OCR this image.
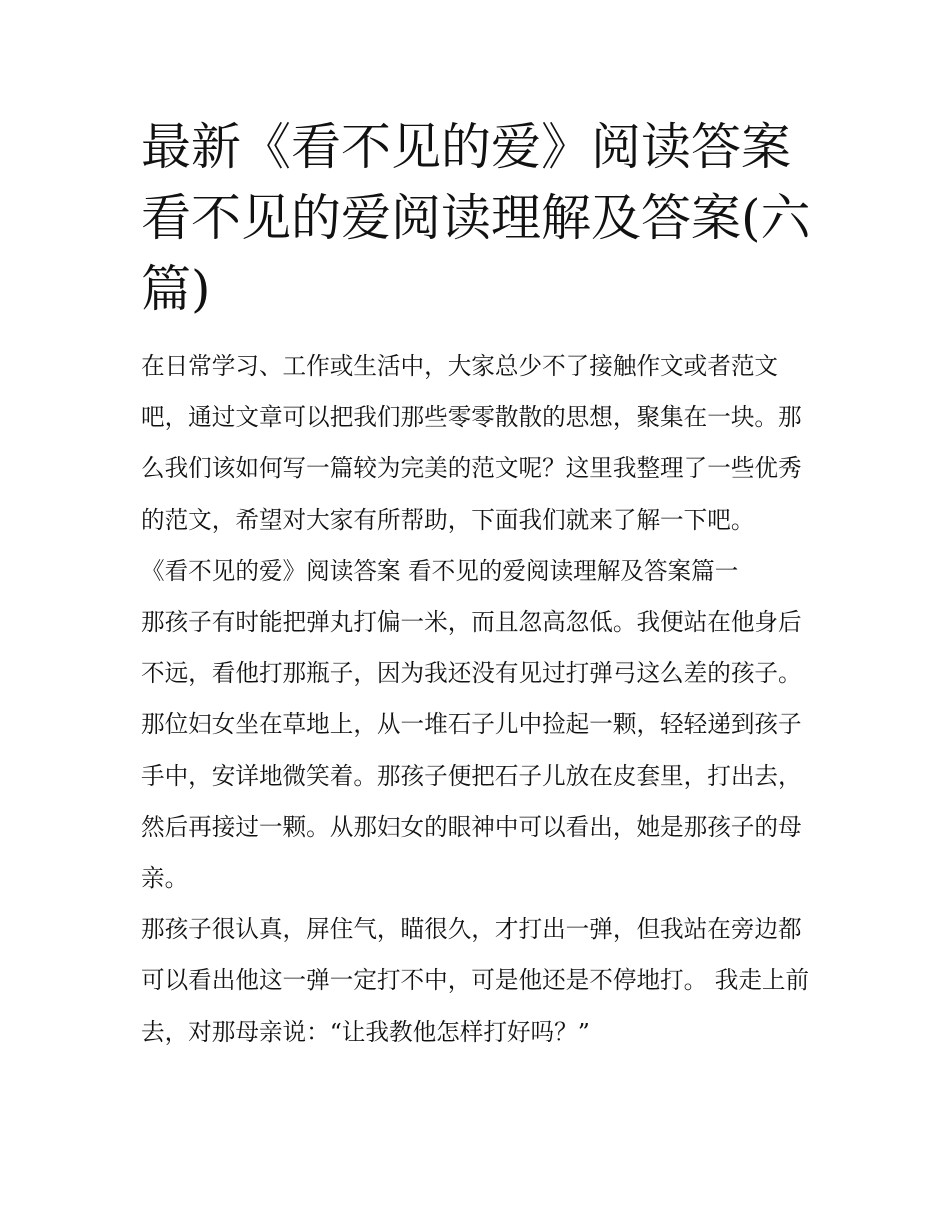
最新《看不见的爱》阅读答案 看不见的爱阅读理解及答案(六篇)

在日常学习、工作或生活中，大家总少不了接触作文或者范文吧，通过文章可以把我们那些零零散散的思想，聚集在一块。那么我们该如何写一篇较为完美的范文呢？这里我整理了一些优秀的范文，希望对大家有所帮助，下面我们就来了解一下吧。

《看不见的爱》阅读答案 看不见的爱阅读理解及答案篇一

那孩子有时能把弹丸打偏一米，而且忽高忽低。我便站在他身后不远，看他打那瓶子，因为我还没有见过打弹弓这么差的孩子。那位妇女坐在草地上，从一堆石子儿中捡起一颗，轻轻递到孩子手中，安详地微笑着。那孩子便把石子儿放在皮套里，打出去，然后再接过一颗。从那妇女的眼神中可以看出，她是那孩子的母亲。

那孩子很认真，屏住气，瞄很久，才打出一弹，但我站在旁边都可以看出他这一弹一定打不中，可是他还是不停地打。 我走上前去，对那母亲说：“让我教他怎样打好吗？”
